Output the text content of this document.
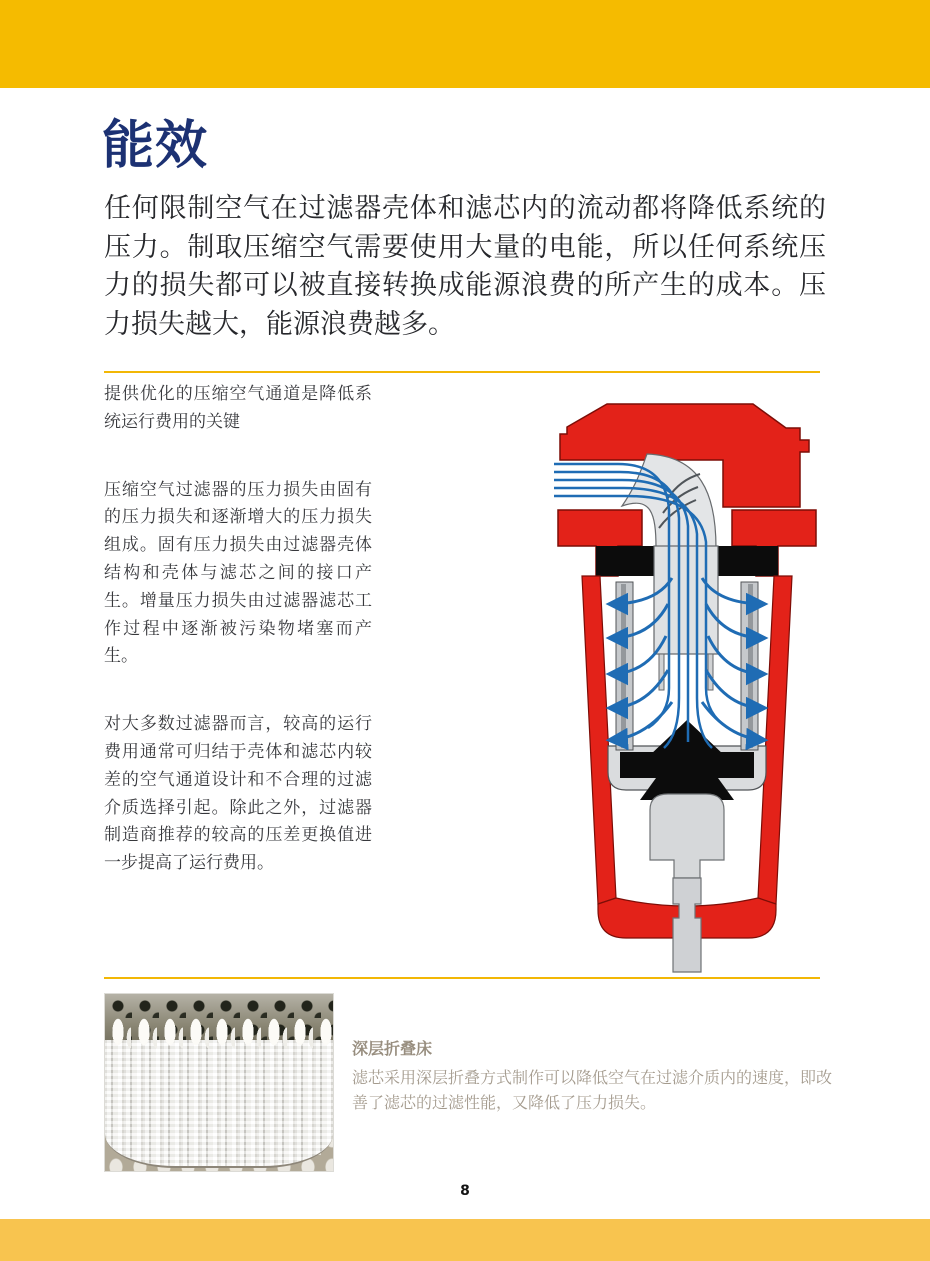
能效

任何限制空气在过滤器壳体和滤芯内的流动都将降低系统的压力。制取压缩空气需要使用大量的电能，所以任何系统压力的损失都可以被直接转换成能源浪费的所产生的成本。压力损失越大，能源浪费越多。

提供优化的压缩空气通道是降低系统运行费用的关键

压缩空气过滤器的压力损失由固有的压力损失和逐渐增大的压力损失组成。固有压力损失由过滤器壳体结构和壳体与滤芯之间的接口产生。增量压力损失由过滤器滤芯工作过程中逐渐被污染物堵塞而产生。

对大多数过滤器而言，较高的运行费用通常可归结于壳体和滤芯内较差的空气通道设计和不合理的过滤介质选择引起。除此之外，过滤器制造商推荐的较高的压差更换值进一步提高了运行费用。

深层折叠床

滤芯采用深层折叠方式制作可以降低空气在过滤介质内的速度，即改善了滤芯的过滤性能，又降低了压力损失。

8
